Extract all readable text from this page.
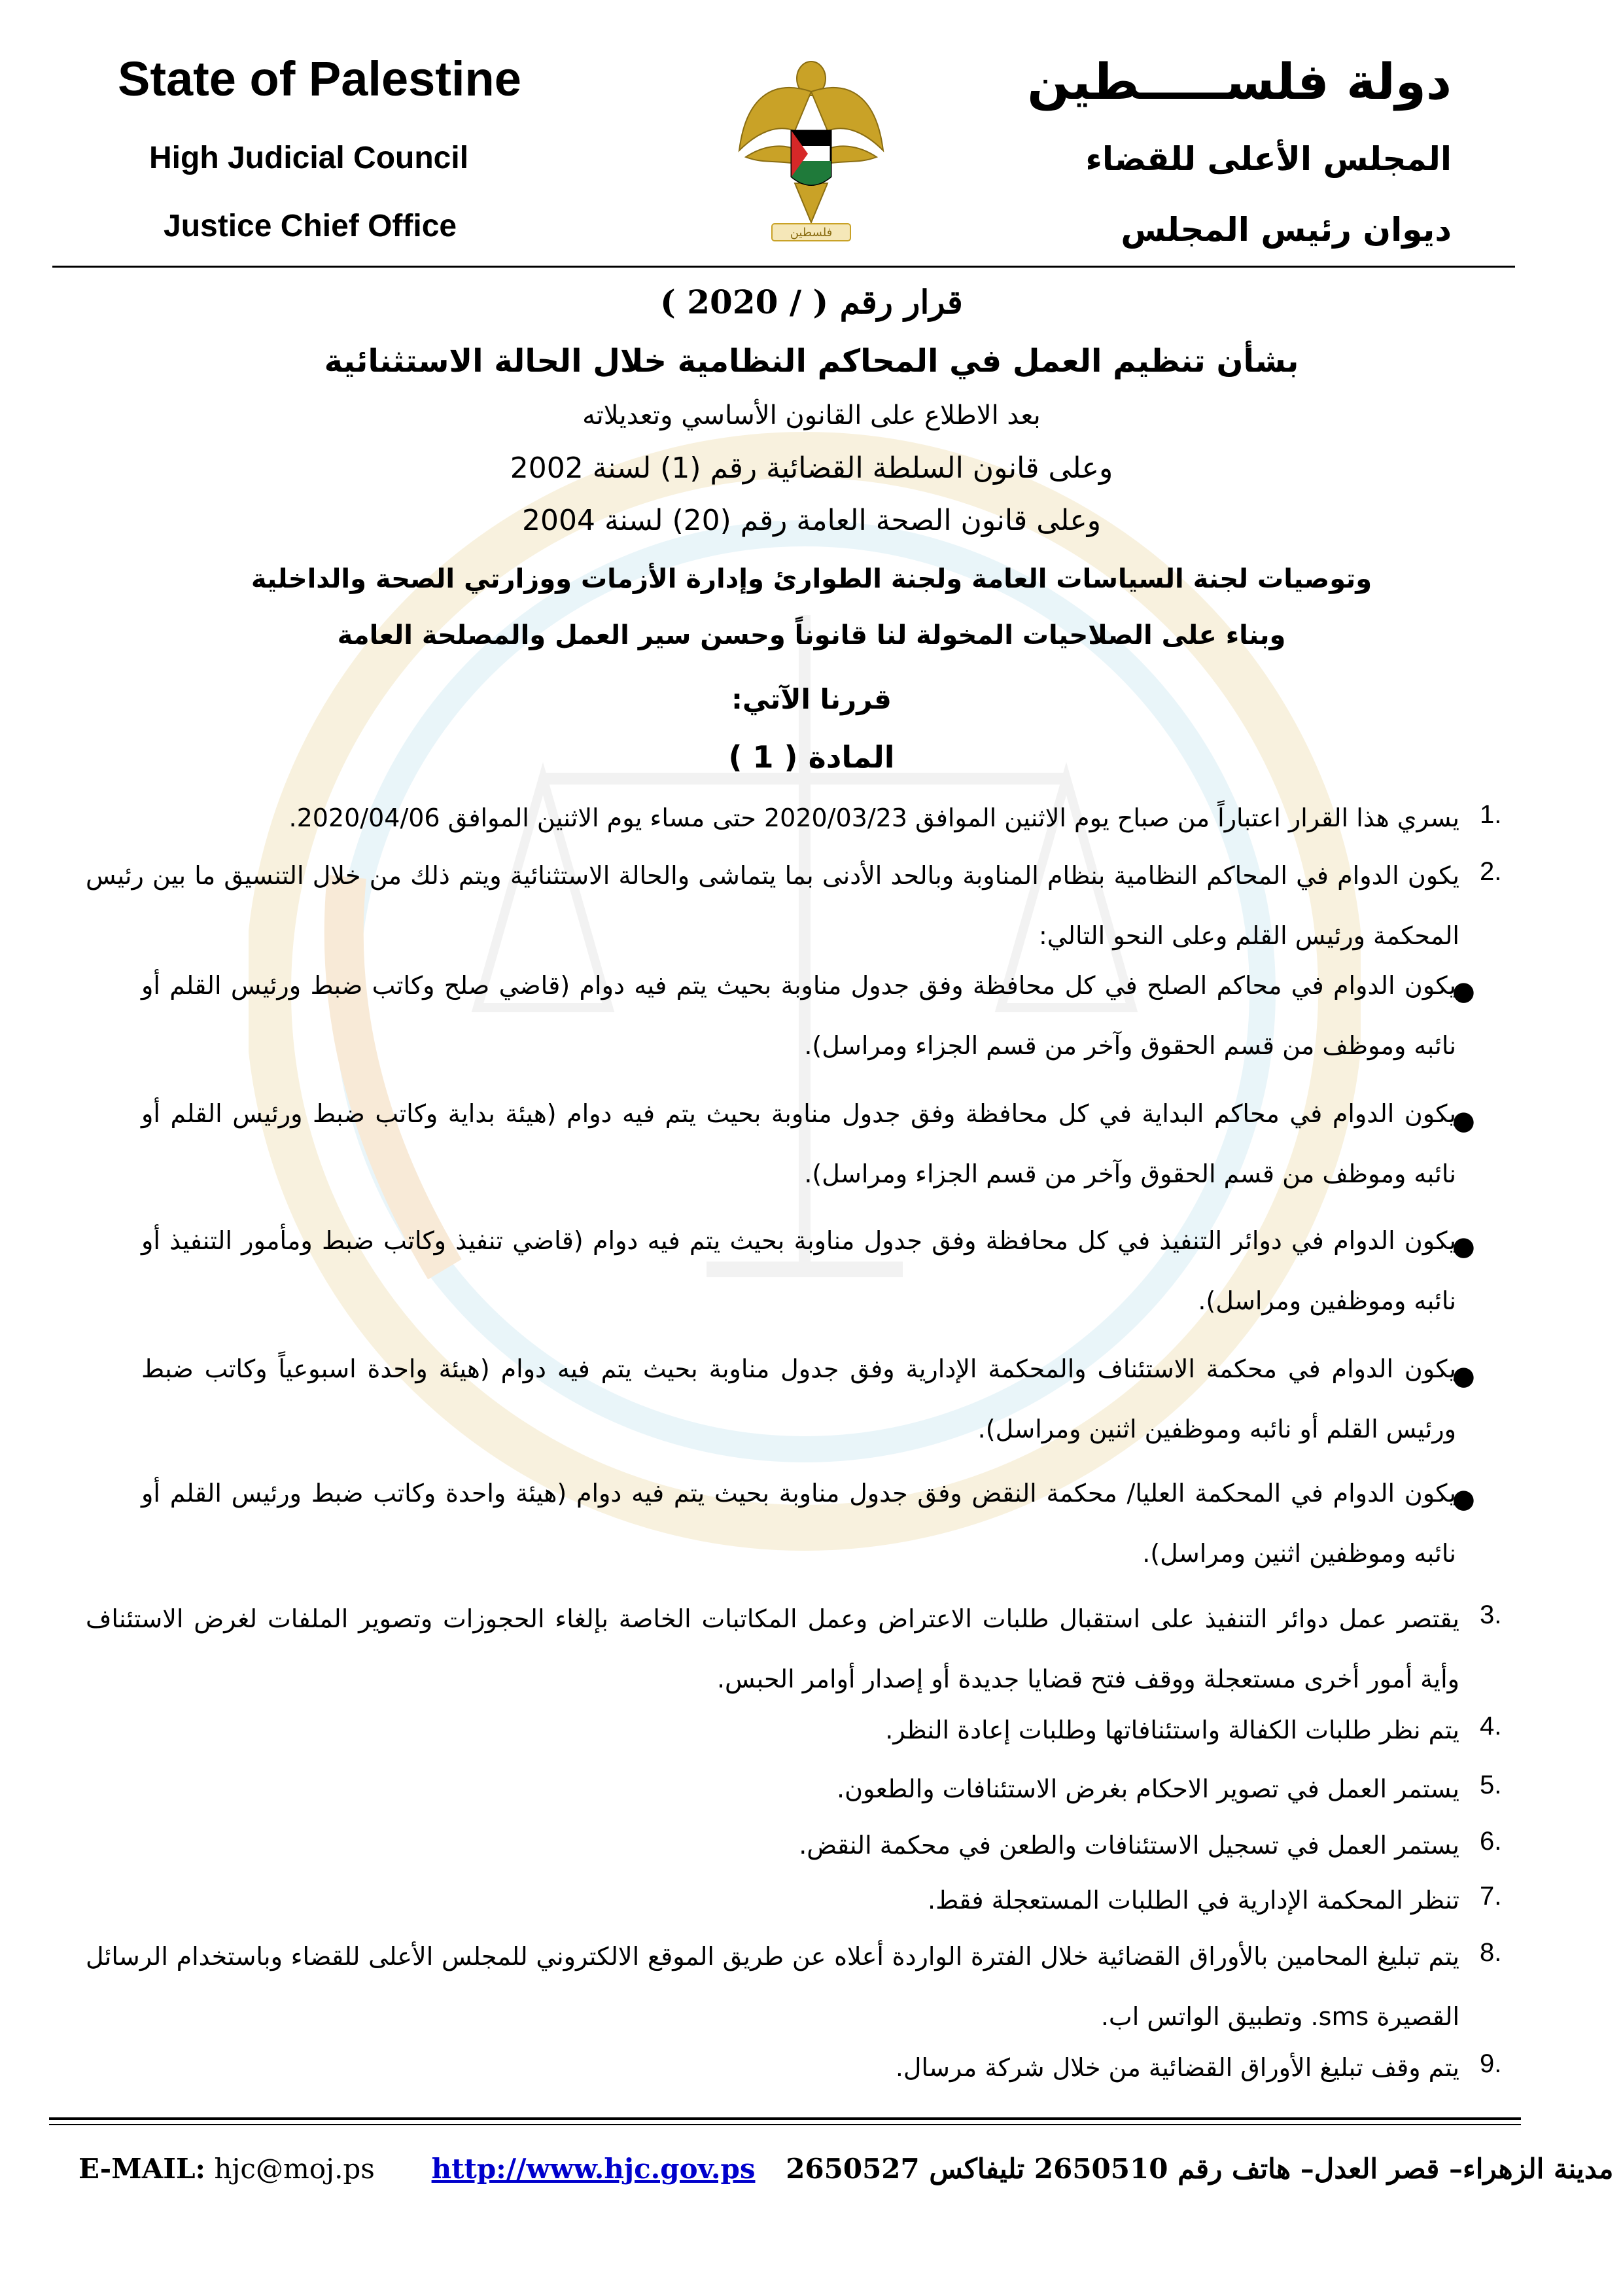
State of Palestine
High Judicial Council
Justice Chief Office
دولة فلســـــطين
المجلس الأعلى للقضاء
ديوان رئيس المجلس
فلسطين
قرار رقم ( / 2020 )
بشأن تنظيم العمل في المحاكم النظامية خلال الحالة الاستثنائية
بعد الاطلاع على القانون الأساسي وتعديلاته
وعلى قانون السلطة القضائية رقم (1) لسنة 2002
وعلى قانون الصحة العامة رقم (20) لسنة 2004
وتوصيات لجنة السياسات العامة ولجنة الطوارئ وإدارة الأزمات ووزارتي الصحة والداخلية
وبناء على الصلاحيات المخولة لنا قانوناً وحسن سير العمل والمصلحة العامة
قررنا الآتي:
المادة ( 1 )
1.
يسري هذا القرار اعتباراً من صباح يوم الاثنين الموافق 2020/03/23 حتى مساء يوم الاثنين الموافق 2020/04/06.
2.
يكون الدوام في المحاكم النظامية بنظام المناوبة وبالحد الأدنى بما يتماشى والحالة الاستثنائية ويتم ذلك من خلال التنسيق ما بين رئيس المحكمة ورئيس القلم وعلى النحو التالي:
●
يكون الدوام في محاكم الصلح في كل محافظة وفق جدول مناوبة بحيث يتم فيه دوام (قاضي صلح وكاتب ضبط ورئيس القلم أو نائبه وموظف من قسم الحقوق وآخر من قسم الجزاء ومراسل).
●
يكون الدوام في محاكم البداية في كل محافظة وفق جدول مناوبة بحيث يتم فيه دوام (هيئة بداية وكاتب ضبط ورئيس القلم أو نائبه وموظف من قسم الحقوق وآخر من قسم الجزاء ومراسل).
●
يكون الدوام في دوائر التنفيذ في كل محافظة وفق جدول مناوبة بحيث يتم فيه دوام (قاضي تنفيذ وكاتب ضبط ومأمور التنفيذ أو نائبه وموظفين ومراسل).
●
يكون الدوام في محكمة الاستئناف والمحكمة الإدارية وفق جدول مناوبة بحيث يتم فيه دوام (هيئة واحدة اسبوعياً وكاتب ضبط ورئيس القلم أو نائبه وموظفين اثنين ومراسل).
●
يكون الدوام في المحكمة العليا/ محكمة النقض وفق جدول مناوبة بحيث يتم فيه دوام (هيئة واحدة وكاتب ضبط ورئيس القلم أو نائبه وموظفين اثنين ومراسل).
3.
يقتصر عمل دوائر التنفيذ على استقبال طلبات الاعتراض وعمل المكاتبات الخاصة بإلغاء الحجوزات وتصوير الملفات لغرض الاستئناف وأية أمور أخرى مستعجلة ووقف فتح قضايا جديدة أو إصدار أوامر الحبس.
4.
يتم نظر طلبات الكفالة واستئنافاتها وطلبات إعادة النظر.
5.
يستمر العمل في تصوير الاحكام بغرض الاستئنافات والطعون.
6.
يستمر العمل في تسجيل الاستئنافات والطعن في محكمة النقض.
7.
تنظر المحكمة الإدارية في الطلبات المستعجلة فقط.
8.
يتم تبليغ المحامين بالأوراق القضائية خلال الفترة الواردة أعلاه عن طريق الموقع الالكتروني للمجلس الأعلى للقضاء وباستخدام الرسائل القصيرة sms. وتطبيق الواتس اب.
9.
يتم وقف تبليغ الأوراق القضائية من خلال شركة مرسال.
E-MAIL: hjc@moj.ps http://www.hjc.gov.ps مدينة الزهراء– قصر العدل– هاتف رقم 2650510 تليفاكس 2650527
